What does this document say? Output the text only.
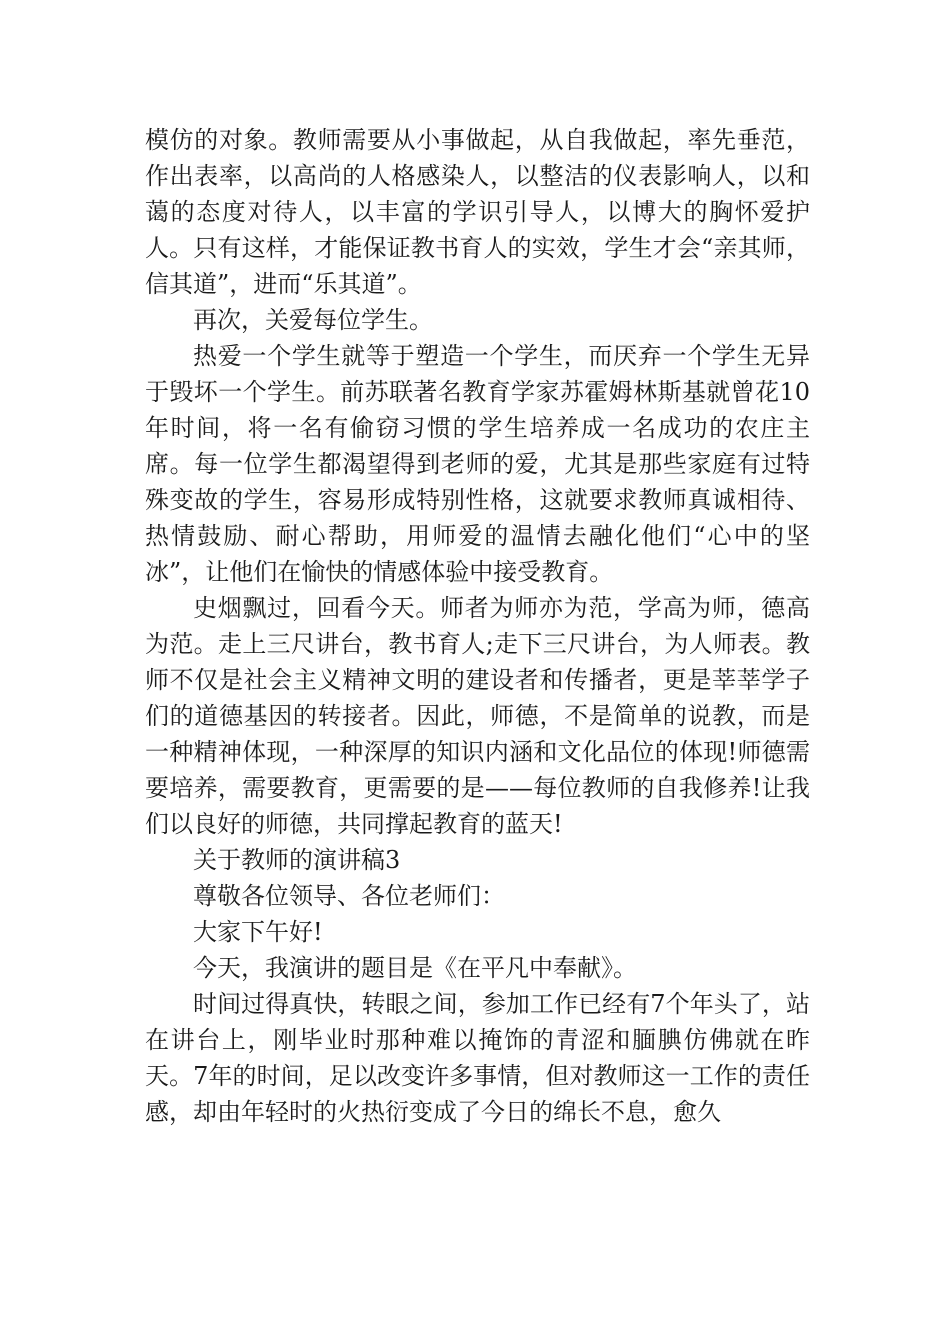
模仿的对象。教师需要从小事做起，从自我做起，率先垂范，作出表率，以高尚的人格感染人，以整洁的仪表影响人，以和蔼的态度对待人，以丰富的学识引导人，以博大的胸怀爱护人。只有这样，才能保证教书育人的实效，学生才会“亲其师，信其道”，进而“乐其道”。

再次，关爱每位学生。

热爱一个学生就等于塑造一个学生，而厌弃一个学生无异于毁坏一个学生。前苏联著名教育学家苏霍姆林斯基就曾花10年时间，将一名有偷窃习惯的学生培养成一名成功的农庄主席。每一位学生都渴望得到老师的爱，尤其是那些家庭有过特殊变故的学生，容易形成特别性格，这就要求教师真诚相待、热情鼓励、耐心帮助，用师爱的温情去融化他们“心中的坚冰”，让他们在愉快的情感体验中接受教育。

史烟飘过，回看今天。师者为师亦为范，学高为师，德高为范。走上三尺讲台，教书育人;走下三尺讲台，为人师表。教师不仅是社会主义精神文明的建设者和传播者，更是莘莘学子们的道德基因的转接者。因此，师德，不是简单的说教，而是一种精神体现，一种深厚的知识内涵和文化品位的体现!师德需要培养，需要教育，更需要的是——每位教师的自我修养!让我们以良好的师德，共同撑起教育的蓝天!

关于教师的演讲稿3

尊敬各位领导、各位老师们：

大家下午好!

今天，我演讲的题目是《在平凡中奉献》。

时间过得真快，转眼之间，参加工作已经有7个年头了，站在讲台上，刚毕业时那种难以掩饰的青涩和腼腆仿佛就在昨天。7年的时间，足以改变许多事情，但对教师这一工作的责任感，却由年轻时的火热衍变成了今日的绵长不息，愈久
